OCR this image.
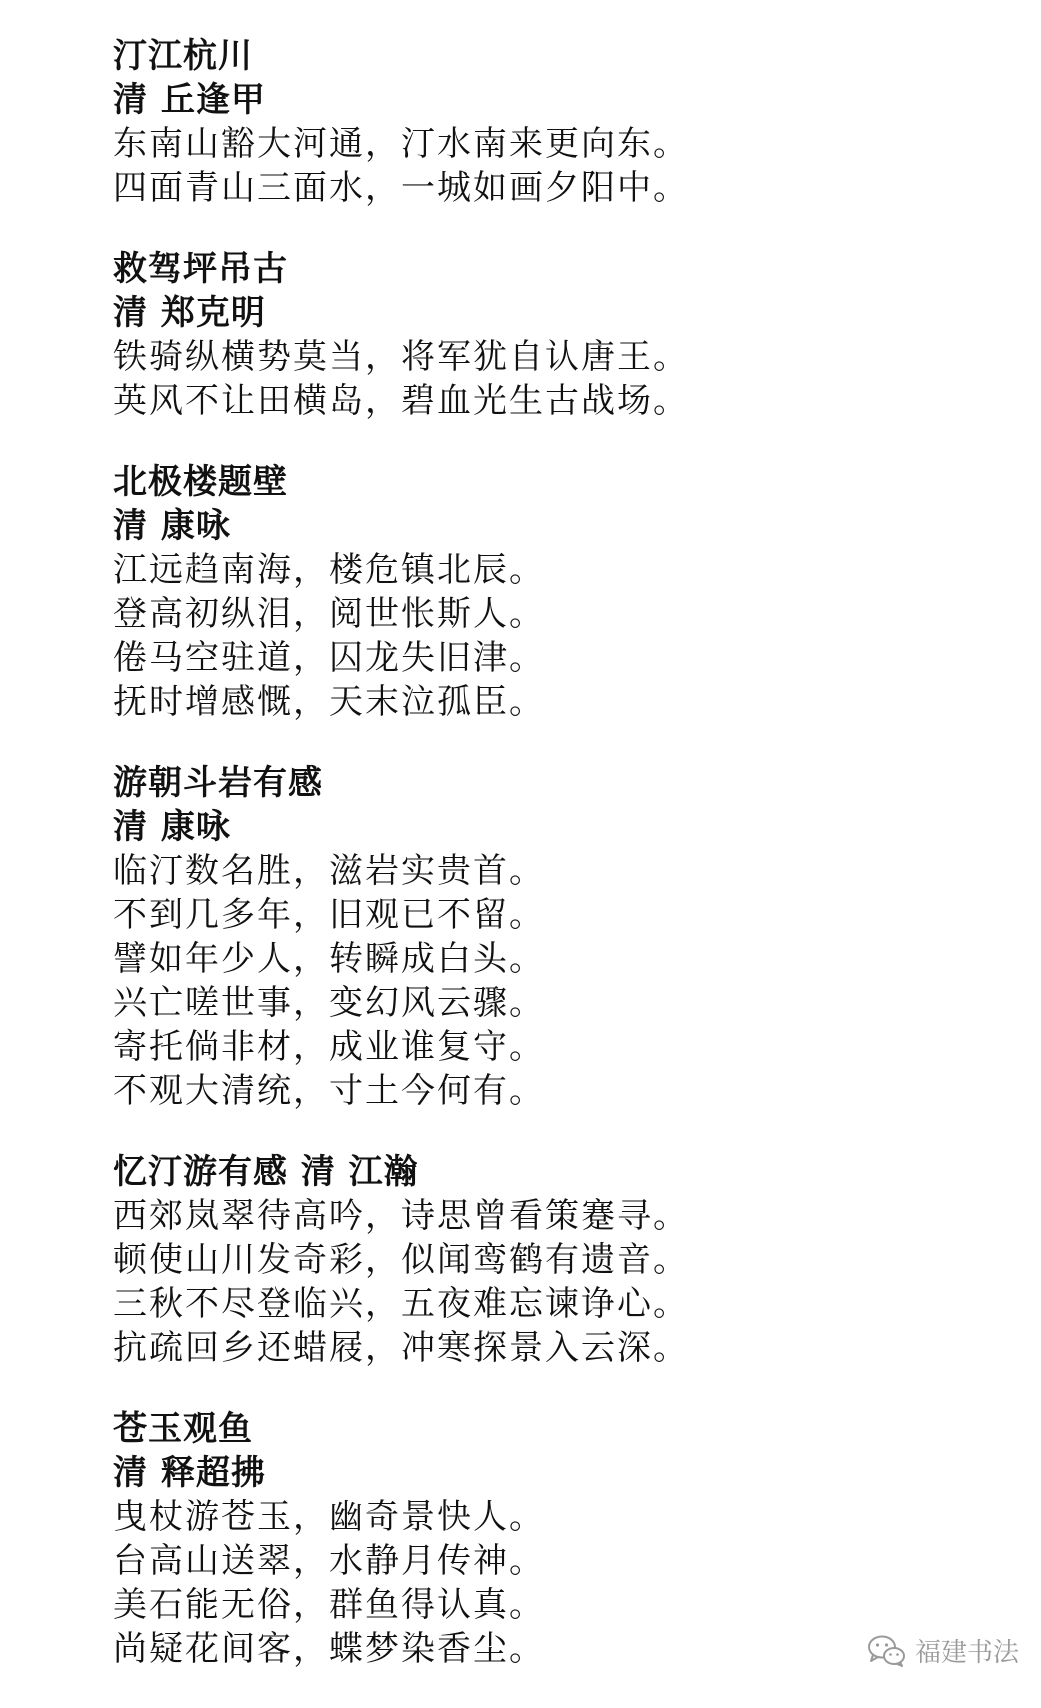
汀江杭川
清 丘逢甲
东南山豁大河通，汀水南来更向东。
四面青山三面水，一城如画夕阳中。
救驾坪吊古
清 郑克明
铁骑纵横势莫当，将军犹自认唐王。
英风不让田横岛，碧血光生古战场。
北极楼题壁
清 康咏
江远趋南海，楼危镇北辰。
登高初纵泪，阅世怅斯人。
倦马空驻道，囚龙失旧津。
抚时增感慨，天末泣孤臣。
游朝斗岩有感
清 康咏
临汀数名胜，滋岩实贵首。
不到几多年，旧观已不留。
譬如年少人，转瞬成白头。
兴亡嗟世事，变幻风云骤。
寄托倘非材，成业谁复守。
不观大清统，寸土今何有。
忆汀游有感 清 江瀚
西郊岚翠待高吟，诗思曾看策蹇寻。
顿使山川发奇彩，似闻鸾鹤有遗音。
三秋不尽登临兴，五夜难忘谏诤心。
抗疏回乡还蜡屐，冲寒探景入云深。
苍玉观鱼
清 释超拂
曳杖游苍玉，幽奇景快人。
台高山送翠，水静月传神。
美石能无俗，群鱼得认真。
尚疑花间客，蝶梦染香尘。	福建书法
